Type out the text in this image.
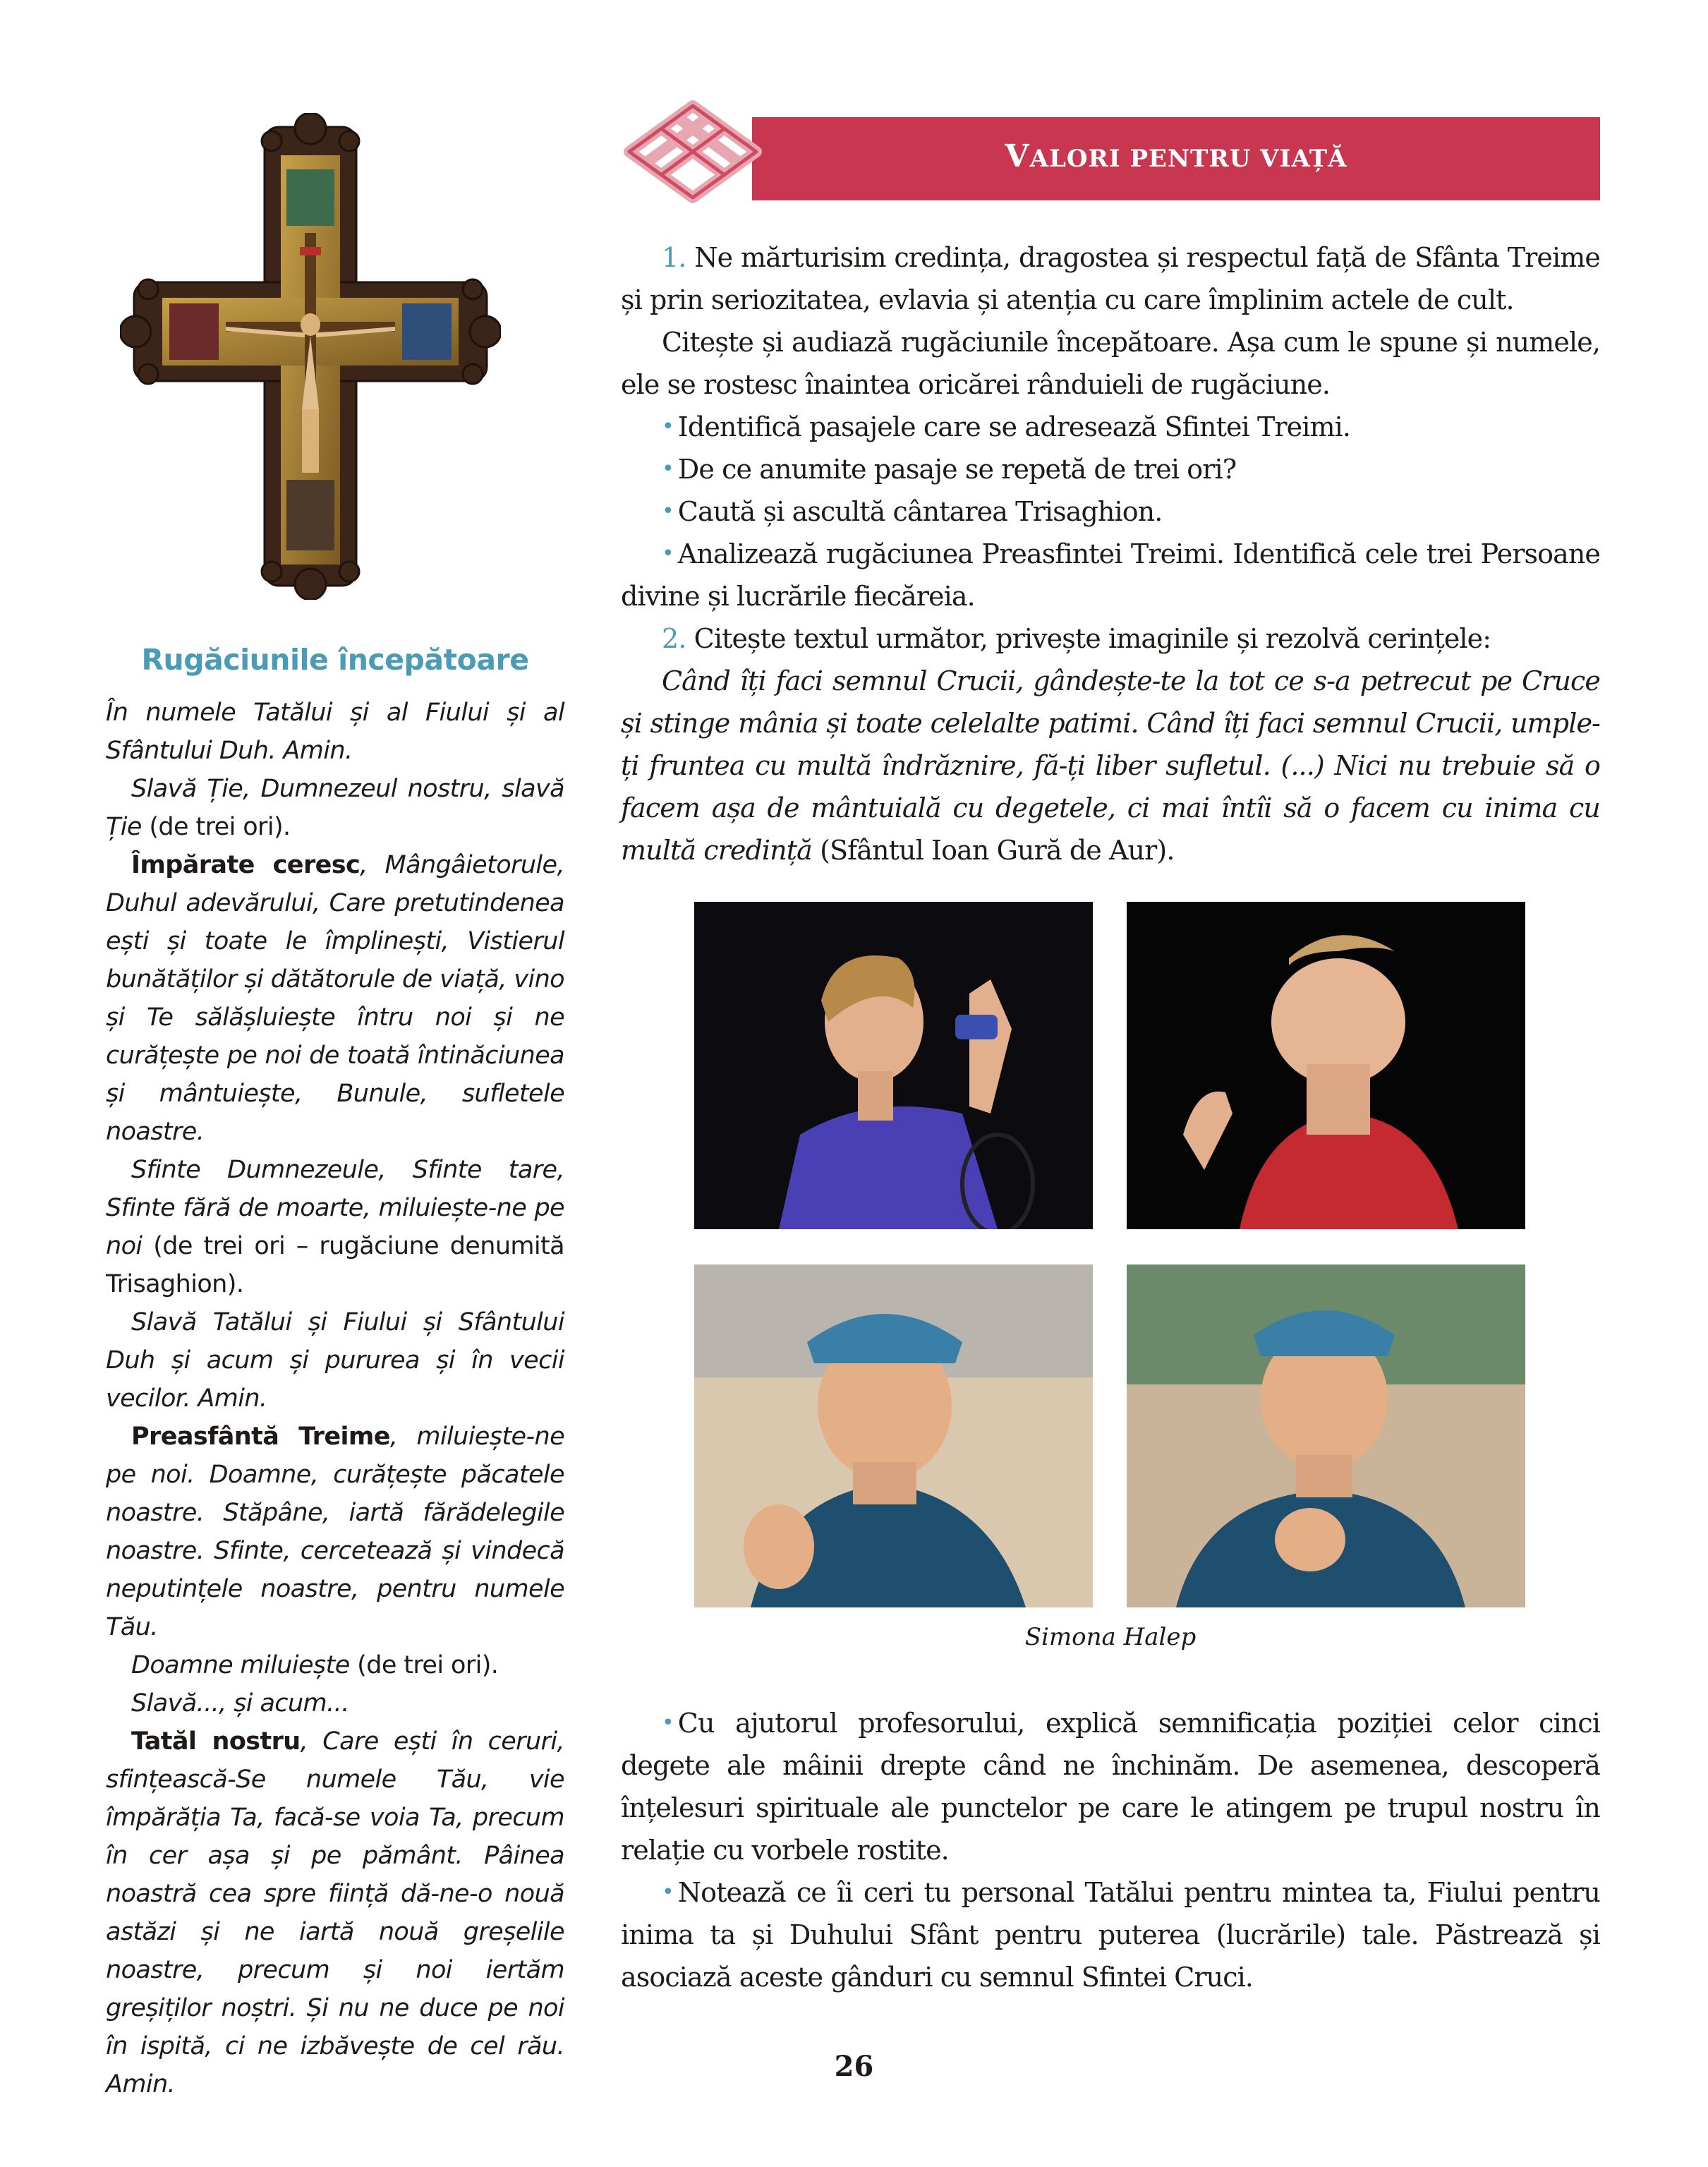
Rugăciunile începătoare

În numele Tatălui și al Fiului și al Sfântului Duh. Amin.

Slavă Ție, Dumnezeul nostru, slavă Ție (de trei ori).

Împărate ceresc, Mângâietorule, Duhul adevărului, Care pretutindenea ești și toate le împlinești, Vistierul bunătăților și dătătorule de viață, vino și Te sălășluiește întru noi și ne curățește pe noi de toată întinăciunea și mântuiește, Bunule, sufletele noastre.

Sfinte Dumnezeule, Sfinte tare, Sfinte fără de moarte, miluiește-ne pe noi (de trei ori – rugăciune denumită Trisaghion).

Slavă Tatălui și Fiului și Sfântului Duh și acum și pururea și în vecii vecilor. Amin.

Preasfântă Treime, miluiește-ne pe noi. Doamne, curățește păcatele noastre. Stăpâne, iartă fărădelegile noastre. Sfinte, cercetează și vindecă neputințele noastre, pentru numele Tău.

Doamne miluiește (de trei ori).

Slavă..., și acum...

Tatăl nostru, Care ești în ceruri, sfințească-Se numele Tău, vie împărăția Ta, facă-se voia Ta, precum în cer așa și pe pământ. Pâinea noastră cea spre ființă dă-ne-o nouă astăzi și ne iartă nouă greșelile noastre, precum și noi iertăm greșiților noștri. Și nu ne duce pe noi în ispită, ci ne izbăvește de cel rău. Amin.

VALORI PENTRU VIAȚĂ

1. Ne mărturisim credința, dragostea și respectul față de Sfânta Treime și prin seriozitatea, evlavia și atenția cu care împlinim actele de cult.

Citește și audiază rugăciunile începătoare. Așa cum le spune și numele, ele se rostesc înaintea oricărei rânduieli de rugăciune.

• Identifică pasajele care se adresează Sfintei Treimi.

• De ce anumite pasaje se repetă de trei ori?

• Caută și ascultă cântarea Trisaghion.

• Analizează rugăciunea Preasfintei Treimi. Identifică cele trei Persoane divine și lucrările fiecăreia.

2. Citește textul următor, privește imaginile și rezolvă cerințele:

Când îți faci semnul Crucii, gândește-te la tot ce s-a petrecut pe Cruce și stinge mânia și toate celelalte patimi. Când îți faci semnul Crucii, umple-ți fruntea cu multă îndrăznire, fă-ți liber sufletul. (...) Nici nu trebuie să o facem așa de mântuială cu degetele, ci mai întîi să o facem cu inima cu multă credință (Sfântul Ioan Gură de Aur).

Simona Halep

• Cu ajutorul profesorului, explică semnificația poziției celor cinci degete ale mâinii drepte când ne închinăm. De asemenea, descoperă înțelesuri spirituale ale punctelor pe care le atingem pe trupul nostru în relație cu vorbele rostite.

• Notează ce îi ceri tu personal Tatălui pentru mintea ta, Fiului pentru inima ta și Duhului Sfânt pentru puterea (lucrările) tale. Păstrează și asociază aceste gânduri cu semnul Sfintei Cruci.

26
